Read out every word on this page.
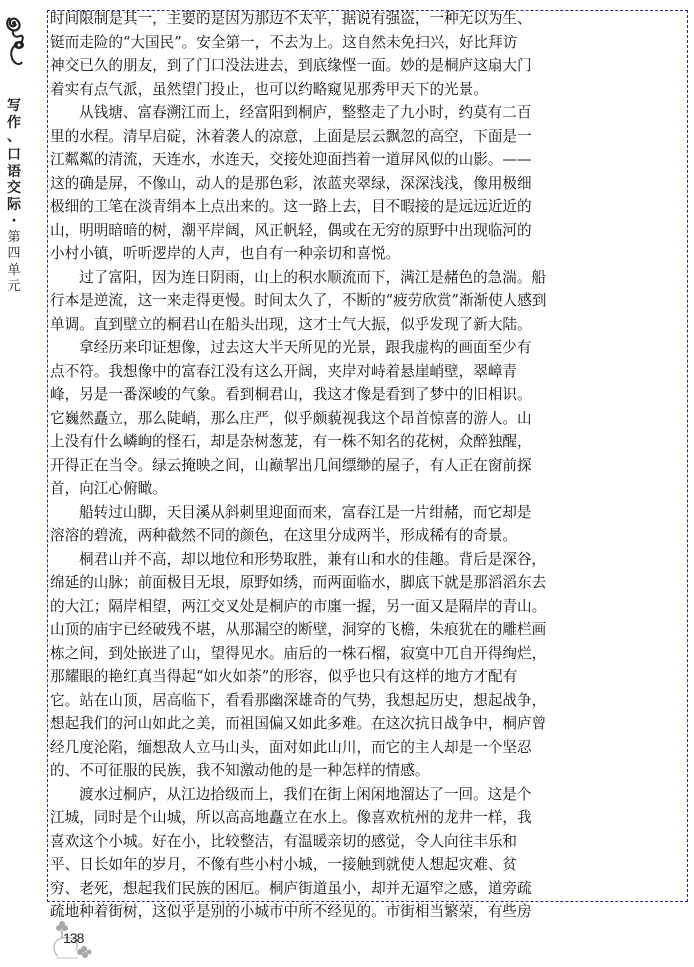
写
作
、
口
语
交
际
·
第
四
单
元
时间限制是其一，主要的是因为那边不太平，据说有强盗，一种无以为生、
铤而走险的“大国民”。安全第一，不去为上。这自然未免扫兴，好比拜访
神交已久的朋友，到了门口没法进去，到底缘悭一面。妙的是桐庐这扇大门
着实有点气派，虽然望门投止，也可以约略窥见那秀甲天下的光景。
从钱塘、富春溯江而上，经富阳到桐庐，整整走了九小时，约莫有二百
里的水程。清早启碇，沐着袭人的凉意，上面是层云飘忽的高空，下面是一
江粼粼的清流，天连水，水连天，交接处迎面挡着一道屏风似的山影。——
这的确是屏，不像山，动人的是那色彩，浓蓝夹翠绿，深深浅浅，像用极细
极细的工笔在淡青绢本上点出来的。这一路上去，目不暇接的是远远近近的
山，明明暗暗的树，潮平岸阔，风正帆轻，偶或在无穷的原野中出现临河的
小村小镇，听听逻岸的人声，也自有一种亲切和喜悦。
过了富阳，因为连日阴雨，山上的积水顺流而下，满江是赭色的急湍。船
行本是逆流，这一来走得更慢。时间太久了，不断的“疲劳欣赏”渐渐使人感到
单调。直到壁立的桐君山在船头出现，这才士气大振，似乎发现了新大陆。
拿经历来印证想像，过去这大半天所见的光景，跟我虚构的画面至少有
点不符。我想像中的富春江没有这么开阔，夹岸对峙着悬崖峭壁，翠嶂青
峰，另是一番深峻的气象。看到桐君山，我这才像是看到了梦中的旧相识。
它巍然矗立，那么陡峭，那么庄严，似乎颇藐视我这个昂首惊喜的游人。山
上没有什么嶙峋的怪石，却是杂树葱茏，有一株不知名的花树，众醉独醒，
开得正在当令。绿云掩映之间，山巅挈出几间缥缈的屋子，有人正在窗前探
首，向江心俯瞰。
船转过山脚，天目溪从斜刺里迎面而来，富春江是一片绀赭，而它却是
溶溶的碧流，两种截然不同的颜色，在这里分成两半，形成稀有的奇景。
桐君山并不高，却以地位和形势取胜，兼有山和水的佳趣。背后是深谷，
绵延的山脉；前面极目无垠，原野如绣，而两面临水，脚底下就是那滔滔东去
的大江；隔岸相望，两江交叉处是桐庐的市廛一握，另一面又是隔岸的青山。
山顶的庙宇已经破残不堪，从那漏空的断壁，洞穿的飞檐，朱痕犹在的雕栏画
栋之间，到处嵌进了山，望得见水。庙后的一株石榴，寂寞中兀自开得绚烂，
那耀眼的艳红真当得起“如火如荼”的形容，似乎也只有这样的地方才配有
它。站在山顶，居高临下，看看那幽深雄奇的气势，我想起历史，想起战争，
想起我们的河山如此之美，而祖国偏又如此多难。在这次抗日战争中，桐庐曾
经几度沦陷，缅想敌人立马山头，面对如此山川，而它的主人却是一个坚忍
的、不可征服的民族，我不知激动他的是一种怎样的情感。
渡水过桐庐，从江边拾级而上，我们在街上闲闲地溜达了一回。这是个
江城，同时是个山城，所以高高地矗立在水上。像喜欢杭州的龙井一样，我
喜欢这个小城。好在小，比较整洁，有温暖亲切的感觉，令人向往丰乐和
平、日长如年的岁月，不像有些小村小城，一接触到就使人想起灾难、贫
穷、老死，想起我们民族的困厄。桐庐街道虽小，却并无逼窄之感，道旁疏
疏地种着街树，这似乎是别的小城市中所不经见的。市街相当繁荣，有些房
138
